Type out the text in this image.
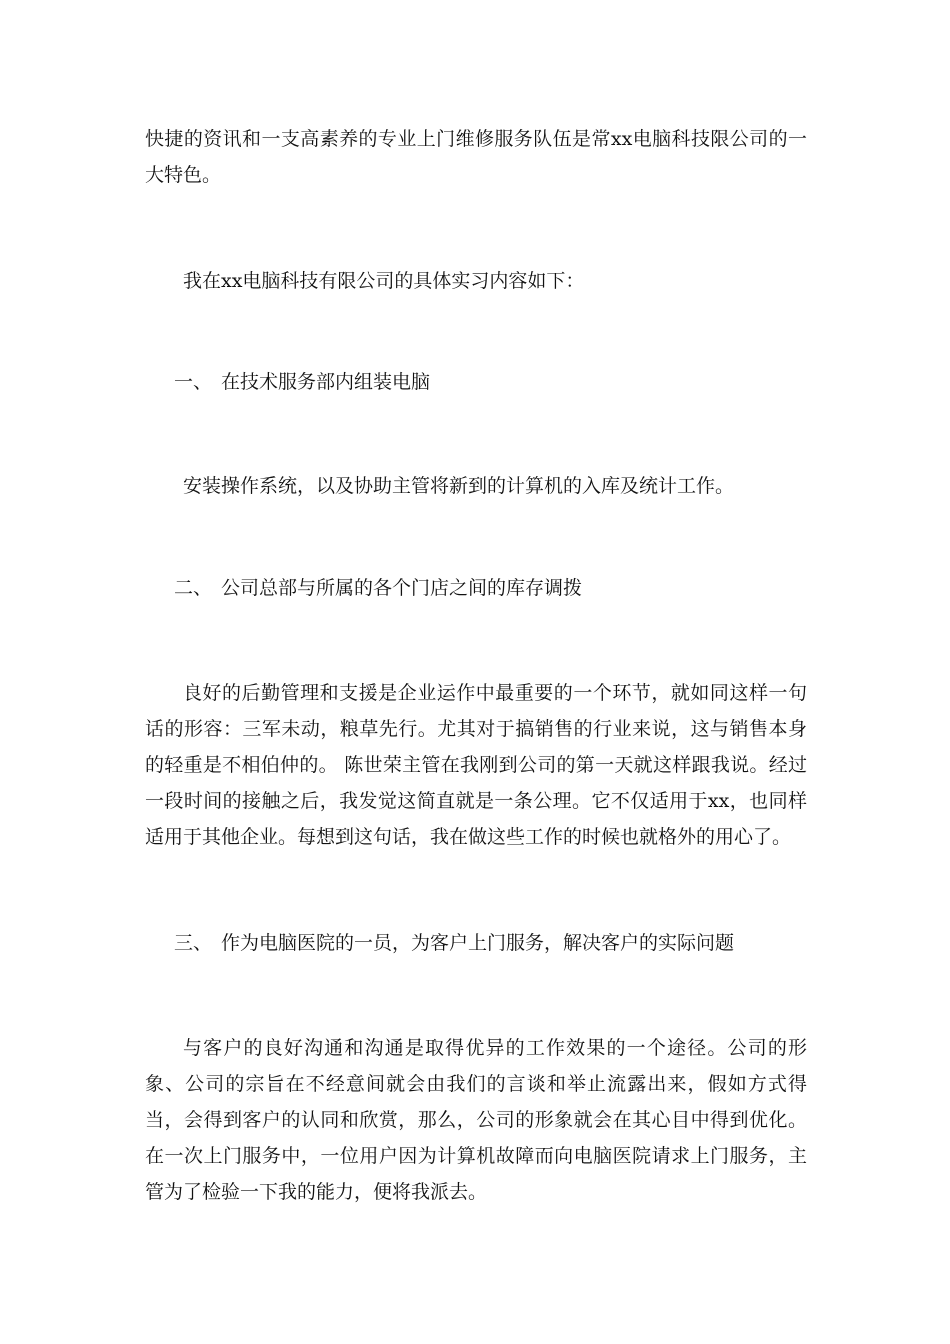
快捷的资讯和一支高素养的专业上门维修服务队伍是常xx电脑科技限公司的一大特色。

我在xx电脑科技有限公司的具体实习内容如下：

一、 在技术服务部内组装电脑

安装操作系统，以及协助主管将新到的计算机的入库及统计工作。

二、 公司总部与所属的各个门店之间的库存调拨

良好的后勤管理和支援是企业运作中最重要的一个环节，就如同这样一句话的形容：三军未动，粮草先行。尤其对于搞销售的行业来说，这与销售本身的轻重是不相伯仲的。 陈世荣主管在我刚到公司的第一天就这样跟我说。经过一段时间的接触之后，我发觉这简直就是一条公理。它不仅适用于xx，也同样适用于其他企业。每想到这句话，我在做这些工作的时候也就格外的用心了。

三、 作为电脑医院的一员，为客户上门服务，解决客户的实际问题

与客户的良好沟通和沟通是取得优异的工作效果的一个途径。公司的形象、公司的宗旨在不经意间就会由我们的言谈和举止流露出来，假如方式得当，会得到客户的认同和欣赏，那么，公司的形象就会在其心目中得到优化。在一次上门服务中，一位用户因为计算机故障而向电脑医院请求上门服务，主管为了检验一下我的能力，便将我派去。
